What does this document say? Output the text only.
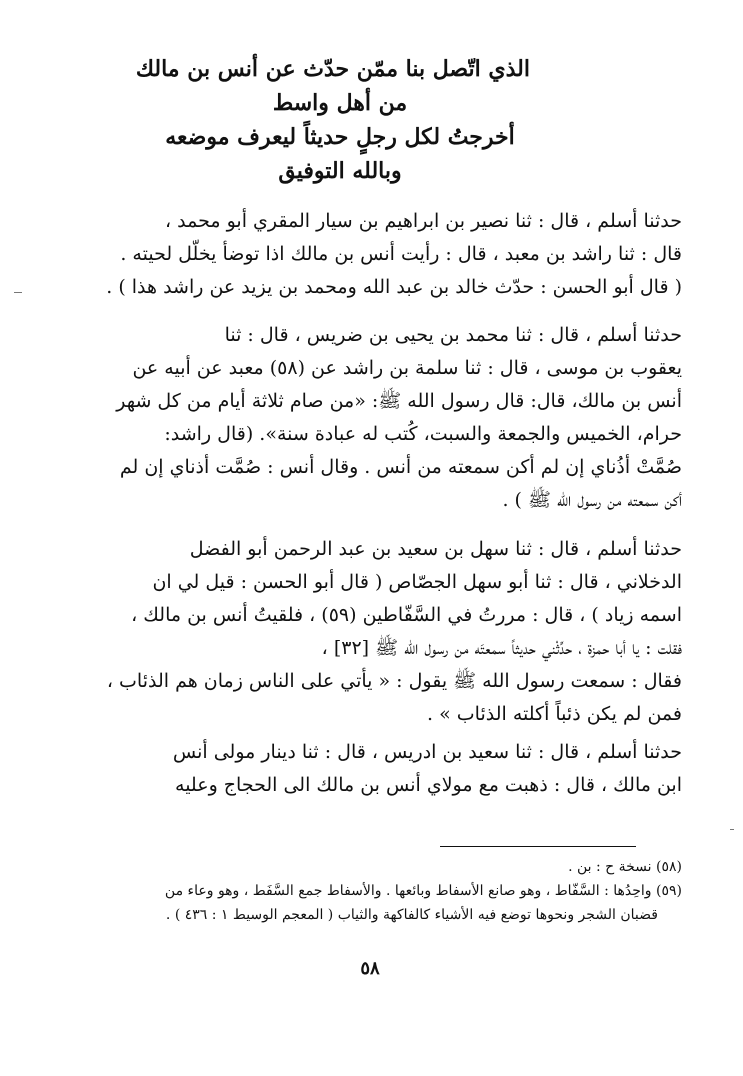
الذي اتّصل بنا ممّن حدّث عن أنس بن مالك
من أهل واسط
أخرجتُ لكل رجلٍ حديثاً ليعرف موضعه
وبالله التوفيق
حدثنا أسلم ، قال : ثنا نصير بن ابراهيم بن سيار المقري أبو محمد ،
قال : ثنا راشد بن معبد ، قال : رأيت أنس بن مالك اذا توضأ يخلّل لحيته .
( قال أبو الحسن : حدّث خالد بن عبد الله ومحمد بن يزيد عن راشد هذا ) .
حدثنا أسلم ، قال : ثنا محمد بن يحيى بن ضريس ، قال : ثنا
يعقوب بن موسى ، قال : ثنا سلمة بن راشد عن (٥٨) معبد عن أبيه عن
أنس بن مالك، قال: قال رسول الله ﷺ: «من صام ثلاثة أيام من كل شهر
حرام، الخميس والجمعة والسبت، كُتب له عبادة سنة». (قال راشد:
صُمَّتْ أذُناي إن لم أكن سمعته من أنس . وقال أنس : صُمَّت أذناي إن لم
أكن سمعته من رسول الله ﷺ ) .
حدثنا أسلم ، قال : ثنا سهل بن سعيد بن عبد الرحمن أبو الفضل
الدخلاني ، قال : ثنا أبو سهل الجصّاص ( قال أبو الحسن : قيل لي ان
اسمه زياد ) ، قال : مررتُ في السَّفّاطين (٥٩) ، فلقيتُ أنس بن مالك ،
فقلت : يا أبا حمزة ، حدِّثْني حديثاً سمعتَه من رسول الله ﷺ [٣٢] ،
فقال : سمعت رسول الله ﷺ يقول : « يأتي على الناس زمان هم الذئاب ،
فمن لم يكن ذئباً أكلته الذئاب » .
حدثنا أسلم ، قال : ثنا سعيد بن ادريس ، قال : ثنا دينار مولى أنس
ابن مالك ، قال : ذهبت مع مولاي أنس بن مالك الى الحجاج وعليه
(٥٨) نسخة ح : بن .
(٥٩) واحِدُها : السَّفّاط ، وهو صانع الأسفاط وبائعها . والأسفاط جمع السَّفَط ، وهو وعاء من
قضبان الشجر ونحوها توضع فيه الأشياء كالفاكهة والثياب ( المعجم الوسيط ١ : ٤٣٦ ) .
٥٨
